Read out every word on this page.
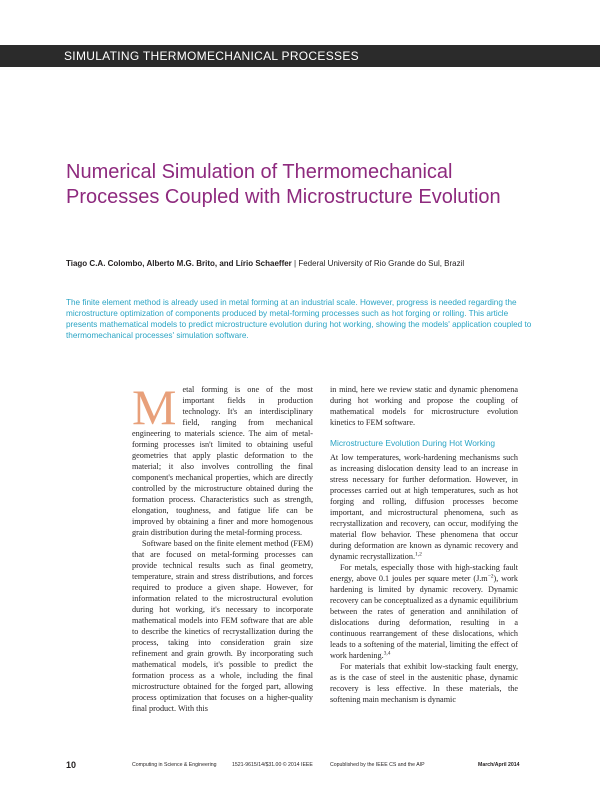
SIMULATING THERMOMECHANICAL PROCESSES
Numerical Simulation of Thermomechanical
Processes Coupled with Microstructure Evolution
Tiago C.A. Colombo, Alberto M.G. Brito, and Lírio Schaeffer | Federal University of Rio Grande do Sul, Brazil
The finite element method is already used in metal forming at an industrial scale. However, progress is needed regarding the microstructure optimization of components produced by metal-forming processes such as hot forging or rolling. This article presents mathematical models to predict microstructure evolution during hot working, showing the models' application coupled to thermomechanical processes' simulation software.

Metal forming is one of the most important fields in production technology. It's an interdisciplinary field, ranging from mechanical engineering to materials science. The aim of metal-forming processes isn't limited to obtaining useful geometries that apply plastic deformation to the material; it also involves controlling the final component's mechanical properties, which are directly controlled by the microstructure obtained during the formation process. Characteristics such as strength, elongation, toughness, and fatigue life can be improved by obtaining a finer and more homogenous grain distribution during the metal-forming process.

Software based on the finite element method (FEM) that are focused on metal-forming processes can provide technical results such as final geometry, temperature, strain and stress distributions, and forces required to produce a given shape. However, for information related to the microstructural evolution during hot working, it's necessary to incorporate mathematical models into FEM software that are able to describe the kinetics of recrystallization during the process, taking into consideration grain size refinement and grain growth. By incorporating such mathematical models, it's possible to predict the formation process as a whole, including the final microstructure obtained for the forged part, allowing process optimization that focuses on a higher-quality final product. With this

in mind, here we review static and dynamic phenomena during hot working and propose the coupling of mathematical models for microstructure evolution kinetics to FEM software.

Microstructure Evolution During Hot Working

At low temperatures, work-hardening mechanisms such as increasing dislocation density lead to an increase in stress necessary for further deformation. However, in processes carried out at high temperatures, such as hot forging and rolling, diffusion processes become important, and microstructural phenomena, such as recrystallization and recovery, can occur, modifying the material flow behavior. These phenomena that occur during deformation are known as dynamic recovery and dynamic recrystallization.$^{1,2}$

For metals, especially those with high-stacking fault energy, above 0.1 joules per square meter $(J.m^{-2})$, work hardening is limited by dynamic recovery. Dynamic recovery can be conceptualized as a dynamic equilibrium between the rates of generation and annihilation of dislocations during deformation, resulting in a continuous rearrangement of these dislocations, which leads to a softening of the material, limiting the effect of work hardening.$^{3,4}$

For materials that exhibit low-stacking fault energy, as is the case of steel in the austenitic phase, dynamic recovery is less effective. In these materials, the softening main mechanism is dynamic

10	Computing in Science & Engineering	1521-9615/14/$31.00 © 2014 IEEE	Copublished by the IEEE CS and the AIP	March/April 2014
